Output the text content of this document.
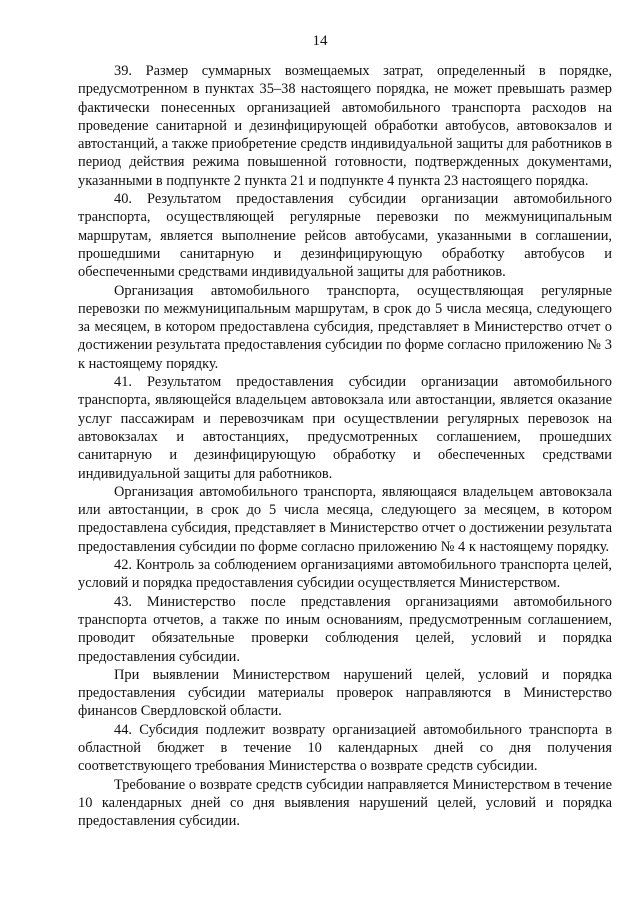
14

39. Размер суммарных возмещаемых затрат, определенный в порядке, предусмотренном в пунктах 35–38 настоящего порядка, не может превышать размер фактически понесенных организацией автомобильного транспорта расходов на проведение санитарной и дезинфицирующей обработки автобусов, автовокзалов и автостанций, а также приобретение средств индивидуальной защиты для работников в период действия режима повышенной готовности, подтвержденных документами, указанными в подпункте 2 пункта 21 и подпункте 4 пункта 23 настоящего порядка.

40. Результатом предоставления субсидии организации автомобильного транспорта, осуществляющей регулярные перевозки по межмуниципальным маршрутам, является выполнение рейсов автобусами, указанными в соглашении, прошедшими санитарную и дезинфицирующую обработку автобусов и обеспеченными средствами индивидуальной защиты для работников.

Организация автомобильного транспорта, осуществляющая регулярные перевозки по межмуниципальным маршрутам, в срок до 5 числа месяца, следующего за месяцем, в котором предоставлена субсидия, представляет в Министерство отчет о достижении результата предоставления субсидии по форме согласно приложению № 3 к настоящему порядку.

41. Результатом предоставления субсидии организации автомобильного транспорта, являющейся владельцем автовокзала или автостанции, является оказание услуг пассажирам и перевозчикам при осуществлении регулярных перевозок на автовокзалах и автостанциях, предусмотренных соглашением, прошедших санитарную и дезинфицирующую обработку и обеспеченных средствами индивидуальной защиты для работников.

Организация автомобильного транспорта, являющаяся владельцем автовокзала или автостанции, в срок до 5 числа месяца, следующего за месяцем, в котором предоставлена субсидия, представляет в Министерство отчет о достижении результата предоставления субсидии по форме согласно приложению № 4 к настоящему порядку.

42. Контроль за соблюдением организациями автомобильного транспорта целей, условий и порядка предоставления субсидии осуществляется Министерством.

43. Министерство после представления организациями автомобильного транспорта отчетов, а также по иным основаниям, предусмотренным соглашением, проводит обязательные проверки соблюдения целей, условий и порядка предоставления субсидии.

При выявлении Министерством нарушений целей, условий и порядка предоставления субсидии материалы проверок направляются в Министерство финансов Свердловской области.

44. Субсидия подлежит возврату организацией автомобильного транспорта в областной бюджет в течение 10 календарных дней со дня получения соответствующего требования Министерства о возврате средств субсидии.

Требование о возврате средств субсидии направляется Министерством в течение 10 календарных дней со дня выявления нарушений целей, условий и порядка предоставления субсидии.
